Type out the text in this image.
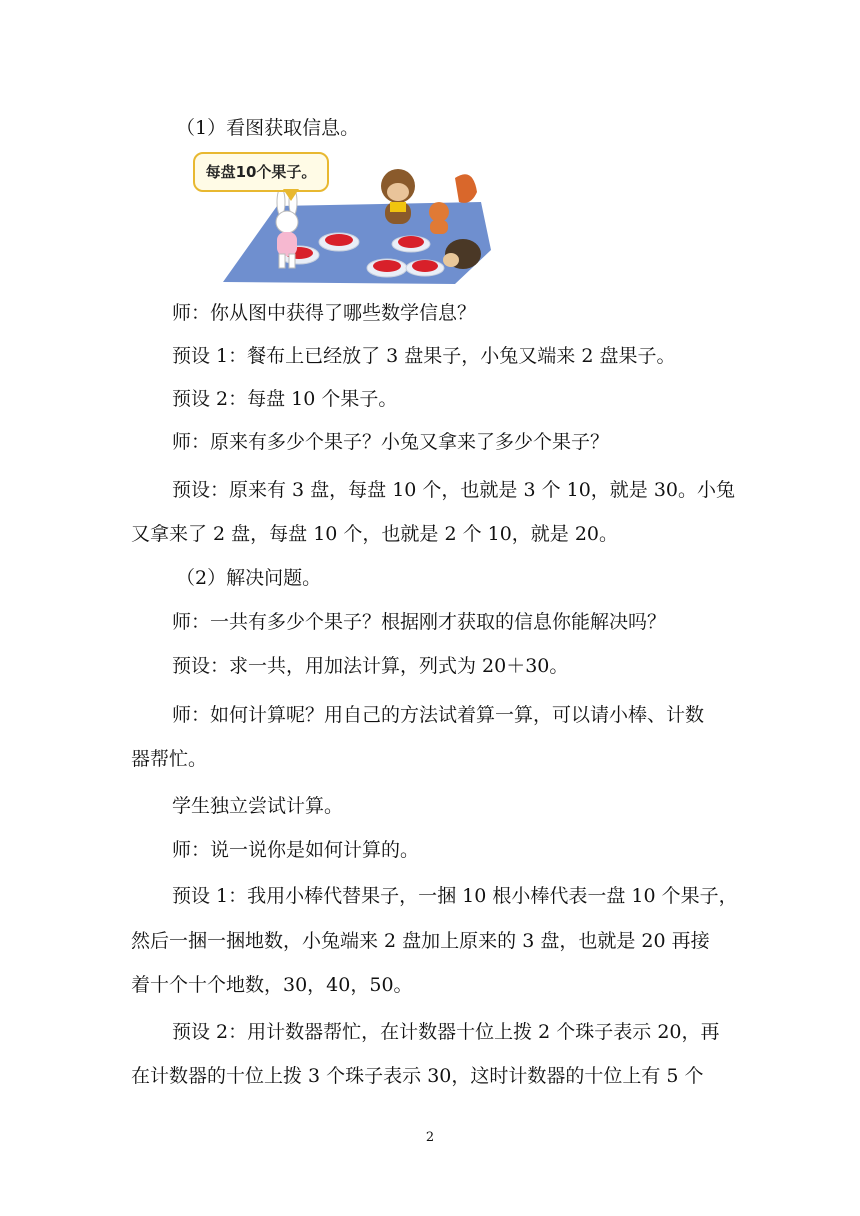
（1）看图获取信息。
每盘10个果子。
师：你从图中获得了哪些数学信息？
预设 1：餐布上已经放了 3 盘果子，小兔又端来 2 盘果子。
预设 2：每盘 10 个果子。
师：原来有多少个果子？小兔又拿来了多少个果子？
预设：原来有 3 盘，每盘 10 个，也就是 3 个 10，就是 30。小兔
又拿来了 2 盘，每盘 10 个，也就是 2 个 10，就是 20。
（2）解决问题。
师：一共有多少个果子？根据刚才获取的信息你能解决吗？
预设：求一共，用加法计算，列式为 20＋30。
师：如何计算呢？用自己的方法试着算一算，可以请小棒、计数
器帮忙。
学生独立尝试计算。
师：说一说你是如何计算的。
预设 1：我用小棒代替果子，一捆 10 根小棒代表一盘 10 个果子，
然后一捆一捆地数，小兔端来 2 盘加上原来的 3 盘，也就是 20 再接
着十个十个地数，30，40，50。
预设 2：用计数器帮忙，在计数器十位上拨 2 个珠子表示 20，再
在计数器的十位上拨 3 个珠子表示 30，这时计数器的十位上有 5 个
2
